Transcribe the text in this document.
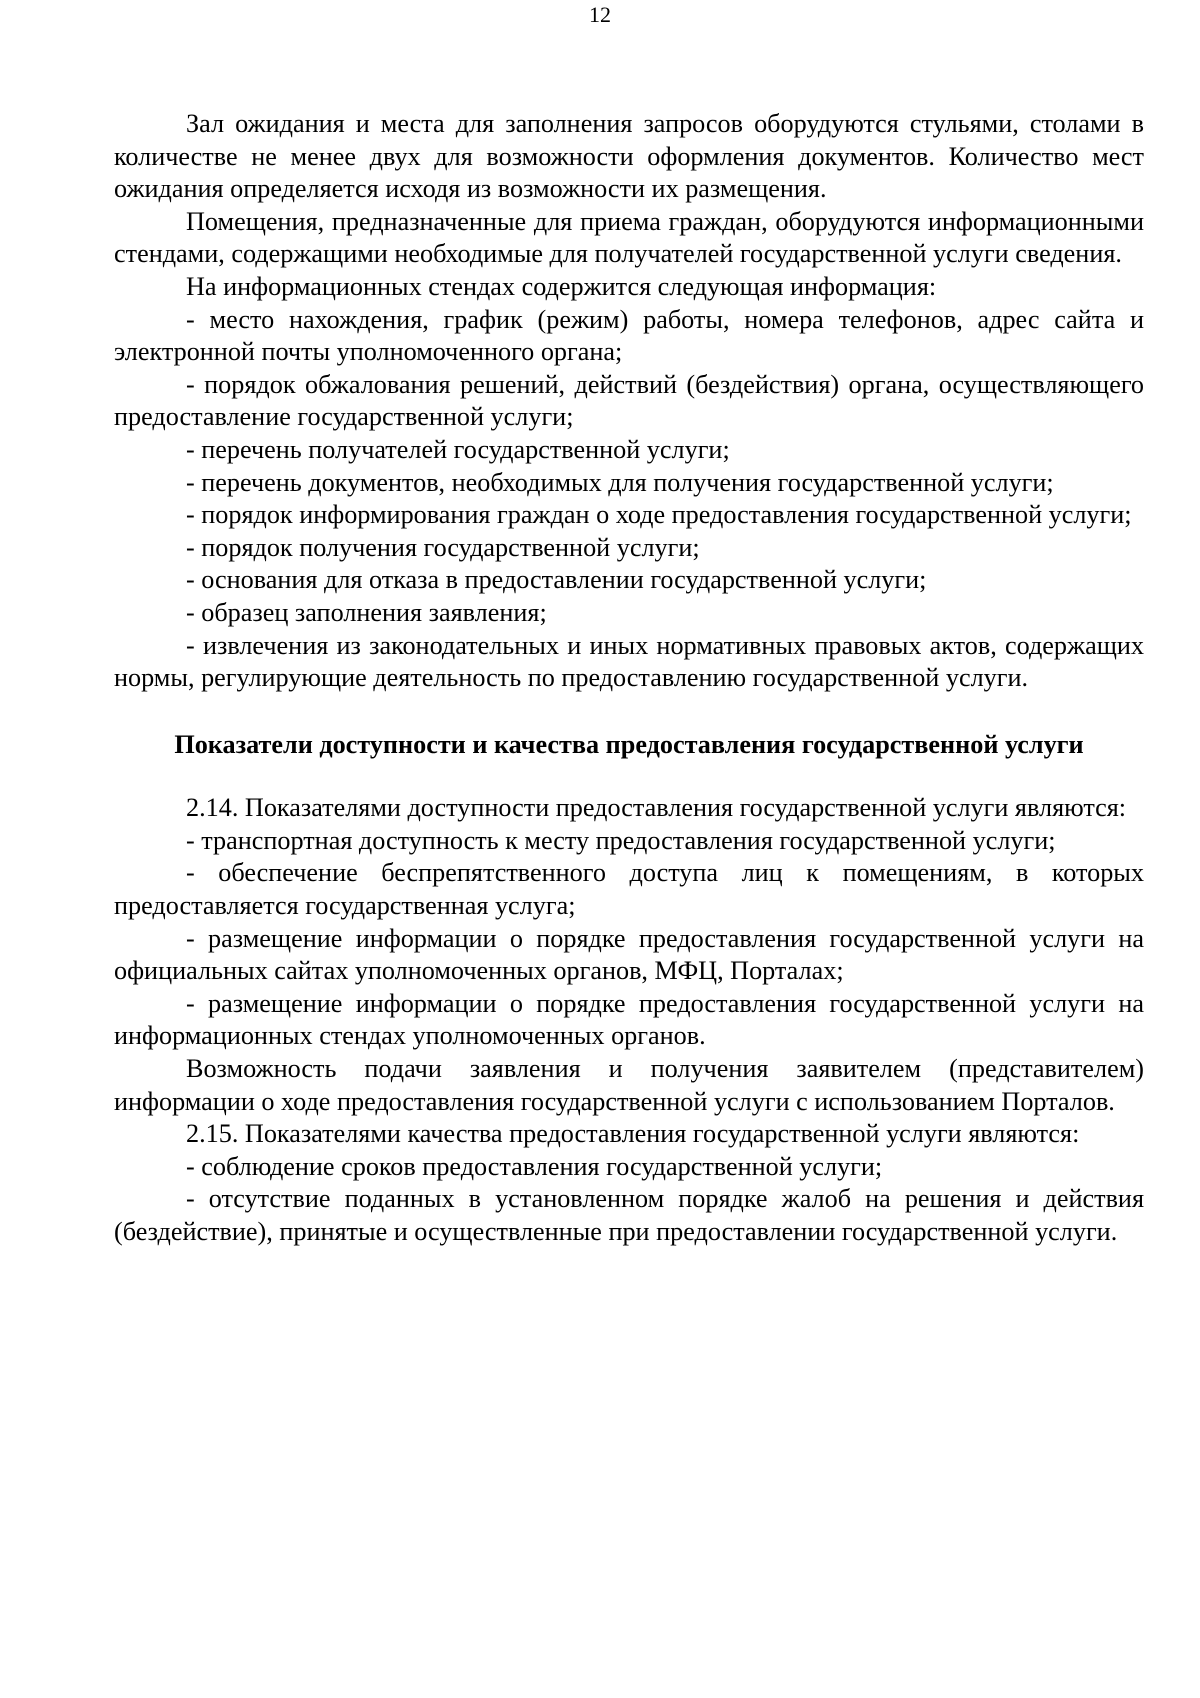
12

Зал ожидания и места для заполнения запросов оборудуются стульями, столами в количестве не менее двух для возможности оформления документов. Количество мест ожидания определяется исходя из возможности их размещения.

Помещения, предназначенные для приема граждан, оборудуются информационными стендами, содержащими необходимые для получателей государственной услуги сведения.

На информационных стендах содержится следующая информация:

- место нахождения, график (режим) работы, номера телефонов, адрес сайта и электронной почты уполномоченного органа;

- порядок обжалования решений, действий (бездействия) органа, осуществляющего предоставление государственной услуги;

- перечень получателей государственной услуги;

- перечень документов, необходимых для получения государственной услуги;

- порядок информирования граждан о ходе предоставления государственной услуги;

- порядок получения государственной услуги;

- основания для отказа в предоставлении государственной услуги;

- образец заполнения заявления;

- извлечения из законодательных и иных нормативных правовых актов, содержащих нормы, регулирующие деятельность по предоставлению государственной услуги.

Показатели доступности и качества предоставления государственной услуги

2.14. Показателями доступности предоставления государственной услуги являются:

- транспортная доступность к месту предоставления государственной услуги;

- обеспечение беспрепятственного доступа лиц к помещениям, в которых предоставляется государственная услуга;

- размещение информации о порядке предоставления государственной услуги на официальных сайтах уполномоченных органов, МФЦ, Порталах;

- размещение информации о порядке предоставления государственной услуги на информационных стендах уполномоченных органов.

Возможность подачи заявления и получения заявителем (представителем) информации о ходе предоставления государственной услуги с использованием Порталов.

2.15. Показателями качества предоставления государственной услуги являются:

- соблюдение сроков предоставления государственной услуги;

- отсутствие поданных в установленном порядке жалоб на решения и действия (бездействие), принятые и осуществленные при предоставлении государственной услуги.
